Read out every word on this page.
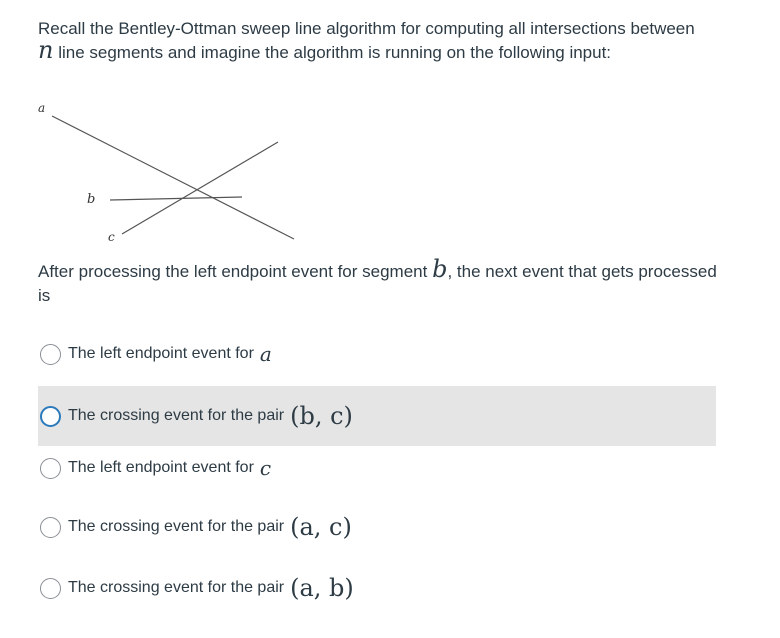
Recall the Bentley-Ottman sweep line algorithm for computing all intersections between n line segments and imagine the algorithm is running on the following input:
a
b
c
After processing the left endpoint event for segment b, the next event that gets processed is
The left endpoint event for a
The crossing event for the pair (b, c)
The left endpoint event for c
The crossing event for the pair (a, c)
The crossing event for the pair (a, b)
